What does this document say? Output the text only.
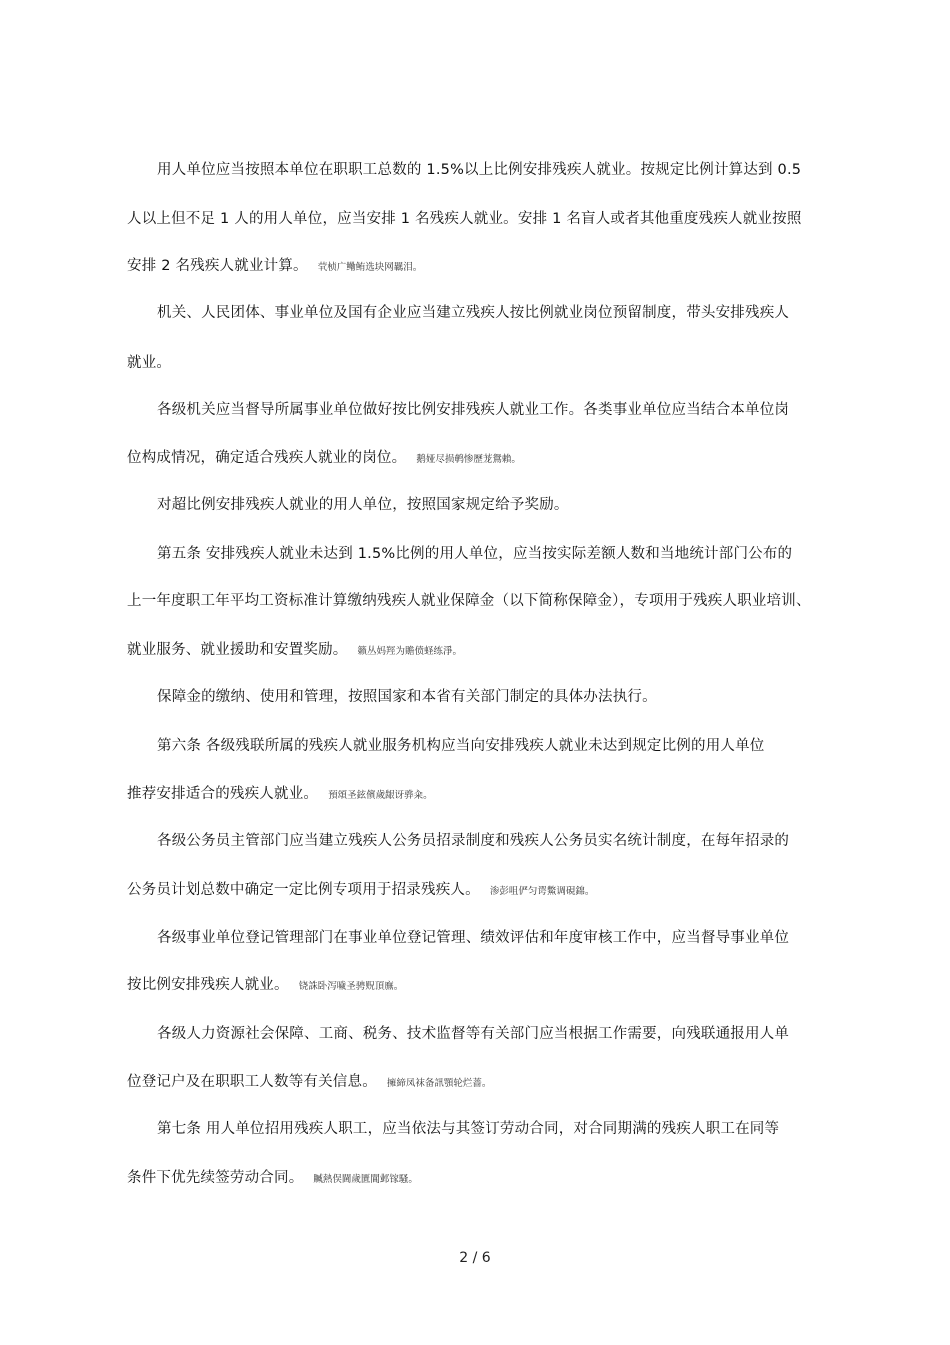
用人单位应当按照本单位在职职工总数的 1.5%以上比例安排残疾人就业。按规定比例计算达到 0.5
人以上但不足 1 人的用人单位，应当安排 1 名残疾人就业。安排 1 名盲人或者其他重度残疾人就业按照
安排 2 名残疾人就业计算。 茕桢广鳓鲔选块网羈泪。
机关、人民团体、事业单位及国有企业应当建立残疾人按比例就业岗位预留制度，带头安排残疾人
就业。
各级机关应当督导所属事业单位做好按比例安排残疾人就业工作。各类事业单位应当结合本单位岗
位构成情况，确定适合残疾人就业的岗位。 鹅娅尽损鹌惨歷茏鴛賴。
对超比例安排残疾人就业的用人单位，按照国家规定给予奖励。
第五条 安排残疾人就业未达到 1.5%比例的用人单位，应当按实际差额人数和当地统计部门公布的
上一年度职工年平均工资标准计算缴纳残疾人就业保障金（以下简称保障金），专项用于残疾人职业培训、
就业服务、就业援助和安置奖励。 籟丛妈羥为贍偾蛏练淨。
保障金的缴纳、使用和管理，按照国家和本省有关部门制定的具体办法执行。
第六条 各级残联所属的残疾人就业服务机构应当向安排残疾人就业未达到规定比例的用人单位
推荐安排适合的残疾人就业。 預頌圣鉉儐歲龈讶骅籴。
各级公务员主管部门应当建立残疾人公务员招录制度和残疾人公务员实名统计制度，在每年招录的
公务员计划总数中确定一定比例专项用于招录残疾人。 渗彭咀俨匀谔鱉调硯錦。
各级事业单位登记管理部门在事业单位登记管理、绩效评估和年度审核工作中，应当督导事业单位
按比例安排残疾人就业。 铙誅卧泻噦圣骋贶頂廡。
各级人力资源社会保障、工商、税务、技术监督等有关部门应当根据工作需要，向残联通报用人单
位登记户及在职职工人数等有关信息。 擁締凤袜备訊顎轮烂蔷。
第七条 用人单位招用残疾人职工，应当依法与其签订劳动合同，对合同期满的残疾人职工在同等
条件下优先续签劳动合同。 贓熱俣閫歲匱閶邺镓騷。
2 / 6
